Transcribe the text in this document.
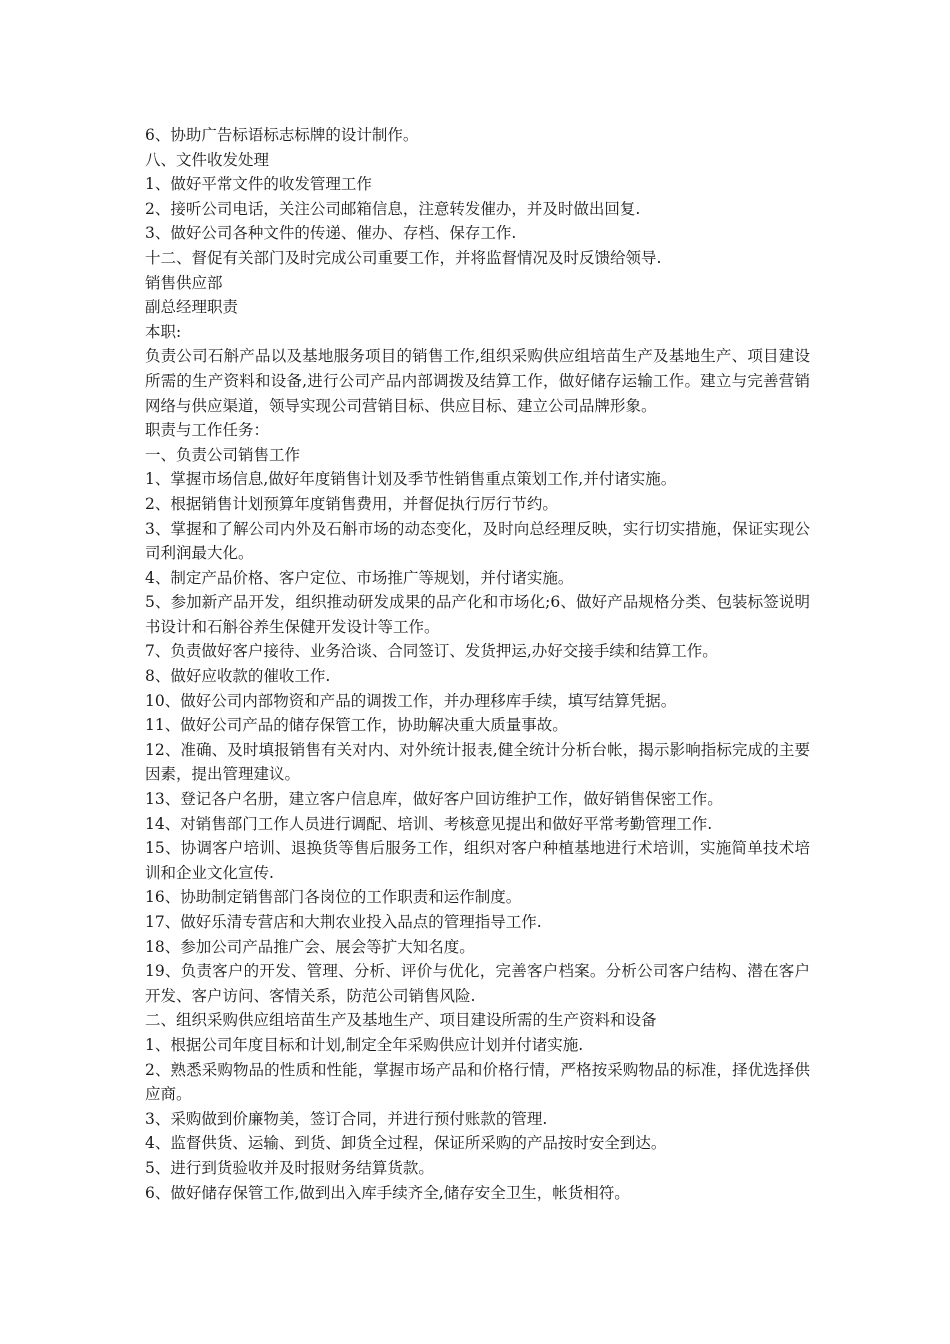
6、协助广告标语标志标牌的设计制作。

八、文件收发处理

1、做好平常文件的收发管理工作

2、接听公司电话，关注公司邮箱信息，注意转发催办，并及时做出回复.

3、做好公司各种文件的传递、催办、存档、保存工作.

十二、督促有关部门及时完成公司重要工作，并将监督情况及时反馈给领导.

销售供应部

副总经理职责

本职:

负责公司石斛产品以及基地服务项目的销售工作,组织采购供应组培苗生产及基地生产、项目建设所需的生产资料和设备,进行公司产品内部调拨及结算工作，做好储存运输工作。建立与完善营销网络与供应渠道，领导实现公司营销目标、供应目标、建立公司品牌形象。

职责与工作任务：

一、负责公司销售工作

1、掌握市场信息,做好年度销售计划及季节性销售重点策划工作,并付诸实施。

2、根据销售计划预算年度销售费用，并督促执行厉行节约。

3、掌握和了解公司内外及石斛市场的动态变化，及时向总经理反映，实行切实措施，保证实现公司利润最大化。

4、制定产品价格、客户定位、市场推广等规划，并付诸实施。

5、参加新产品开发，组织推动研发成果的品产化和市场化;6、做好产品规格分类、包装标签说明书设计和石斛谷养生保健开发设计等工作。

7、负责做好客户接待、业务洽谈、合同签订、发货押运,办好交接手续和结算工作。

8、做好应收款的催收工作.

10、做好公司内部物资和产品的调拨工作，并办理移库手续，填写结算凭据。

11、做好公司产品的储存保管工作，协助解决重大质量事故。

12、准确、及时填报销售有关对内、对外统计报表,健全统计分析台帐，揭示影响指标完成的主要因素，提出管理建议。

13、登记各户名册，建立客户信息库，做好客户回访维护工作，做好销售保密工作。

14、对销售部门工作人员进行调配、培训、考核意见提出和做好平常考勤管理工作.

15、协调客户培训、退换货等售后服务工作，组织对客户种植基地进行术培训，实施简单技术培训和企业文化宣传.

16、协助制定销售部门各岗位的工作职责和运作制度。

17、做好乐清专营店和大荆农业投入品点的管理指导工作.

18、参加公司产品推广会、展会等扩大知名度。

19、负责客户的开发、管理、分析、评价与优化，完善客户档案。分析公司客户结构、潜在客户开发、客户访问、客情关系，防范公司销售风险.

二、组织采购供应组培苗生产及基地生产、项目建设所需的生产资料和设备

1、根据公司年度目标和计划,制定全年采购供应计划并付诸实施.

2、熟悉采购物品的性质和性能，掌握市场产品和价格行情，严格按采购物品的标准，择优选择供应商。

3、采购做到价廉物美，签订合同，并进行预付账款的管理.

4、监督供货、运输、到货、卸货全过程，保证所采购的产品按时安全到达。

5、进行到货验收并及时报财务结算货款。

6、做好储存保管工作,做到出入库手续齐全,储存安全卫生，帐货相符。
